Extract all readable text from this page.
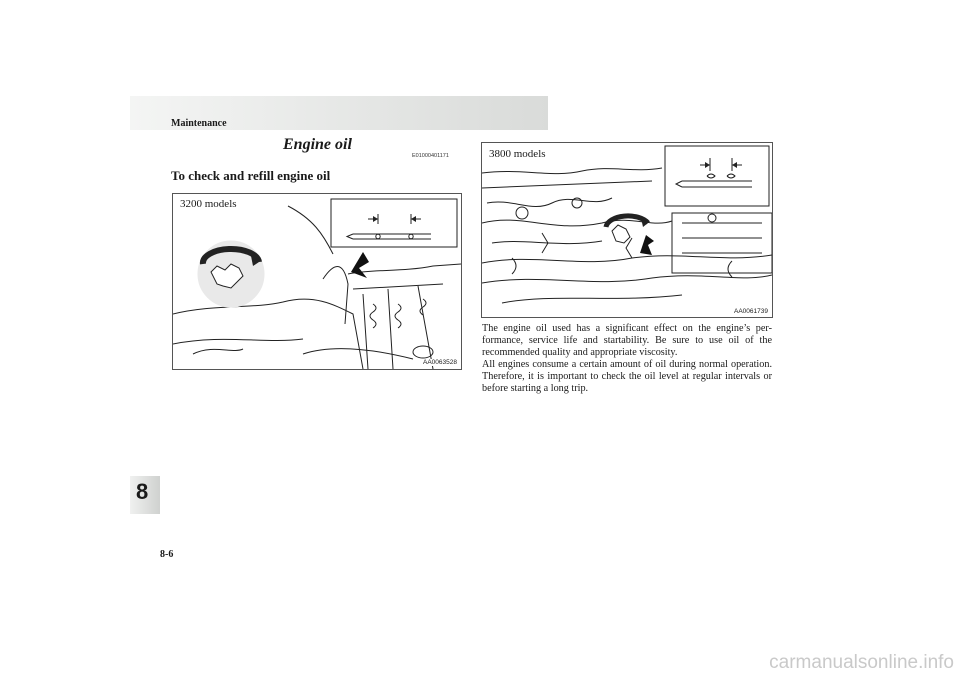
Maintenance
Engine oil
E01000401171
To check and refill engine oil
3200 models
AA0063528
3800 models
AA0061739

The engine oil used has a significant effect on the engine’s per-formance, service life and startability. Be sure to use oil of the recommended quality and appropriate viscosity.

All engines consume a certain amount of oil during normal operation. Therefore, it is important to check the oil level at regular intervals or before starting a long trip.

8
8-6
carmanualsonline.info
